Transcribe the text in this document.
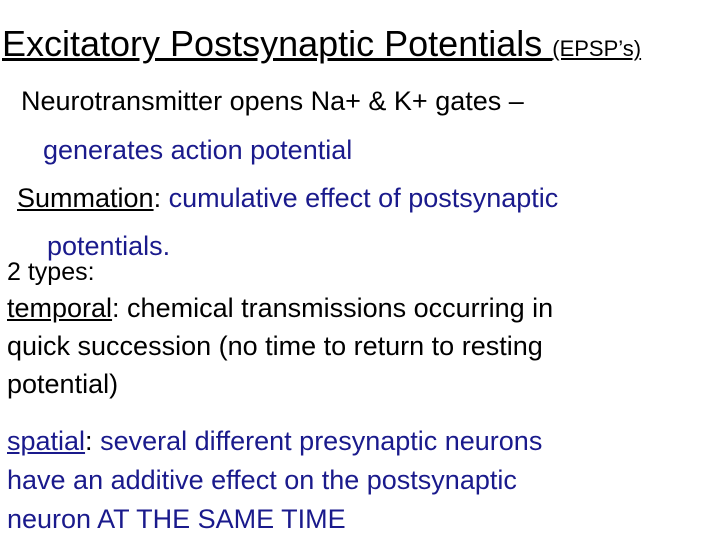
Excitatory Postsynaptic Potentials (EPSP’s)
Neurotransmitter opens Na+ & K+ gates –
generates action potential
Summation: cumulative effect of postsynaptic
potentials.
2 types:
temporal: chemical transmissions occurring in
quick succession (no time to return to resting
potential)
spatial: several different presynaptic neurons
have an additive effect on the postsynaptic
neuron AT THE SAME TIME
